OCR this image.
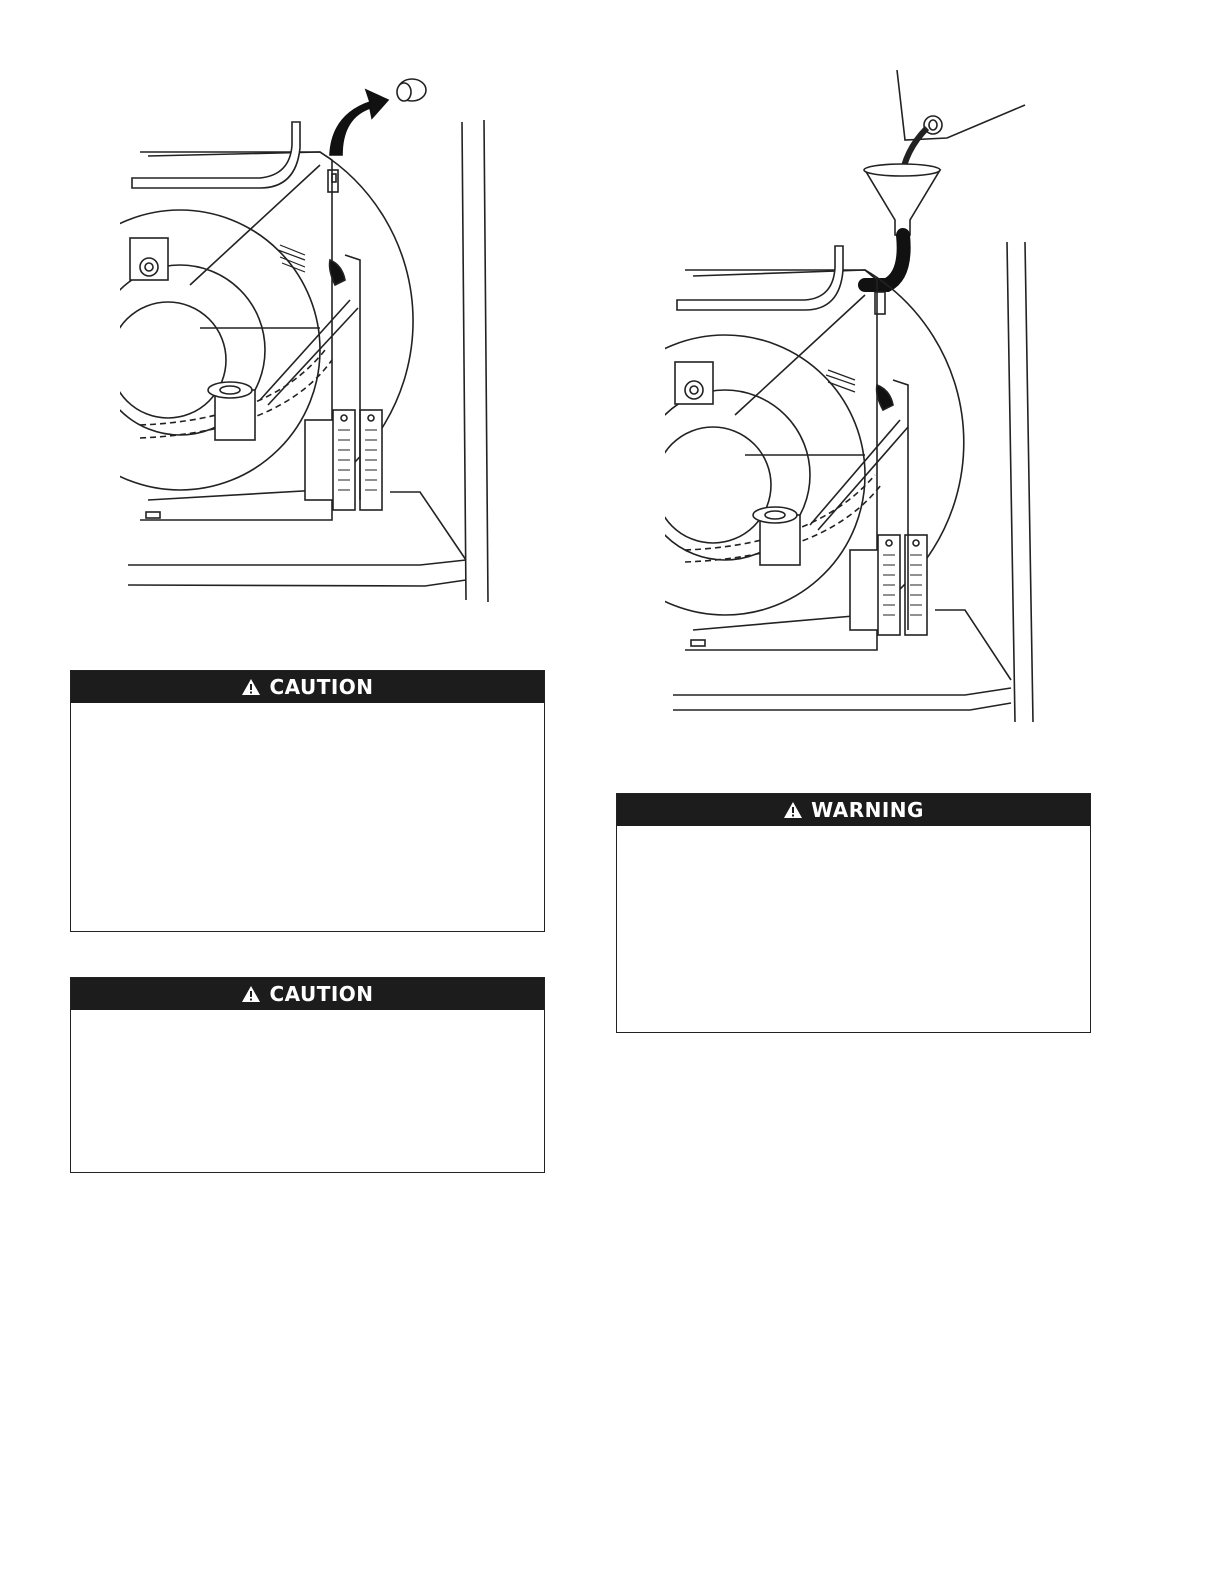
CAUTION
CAUTION
WARNING
